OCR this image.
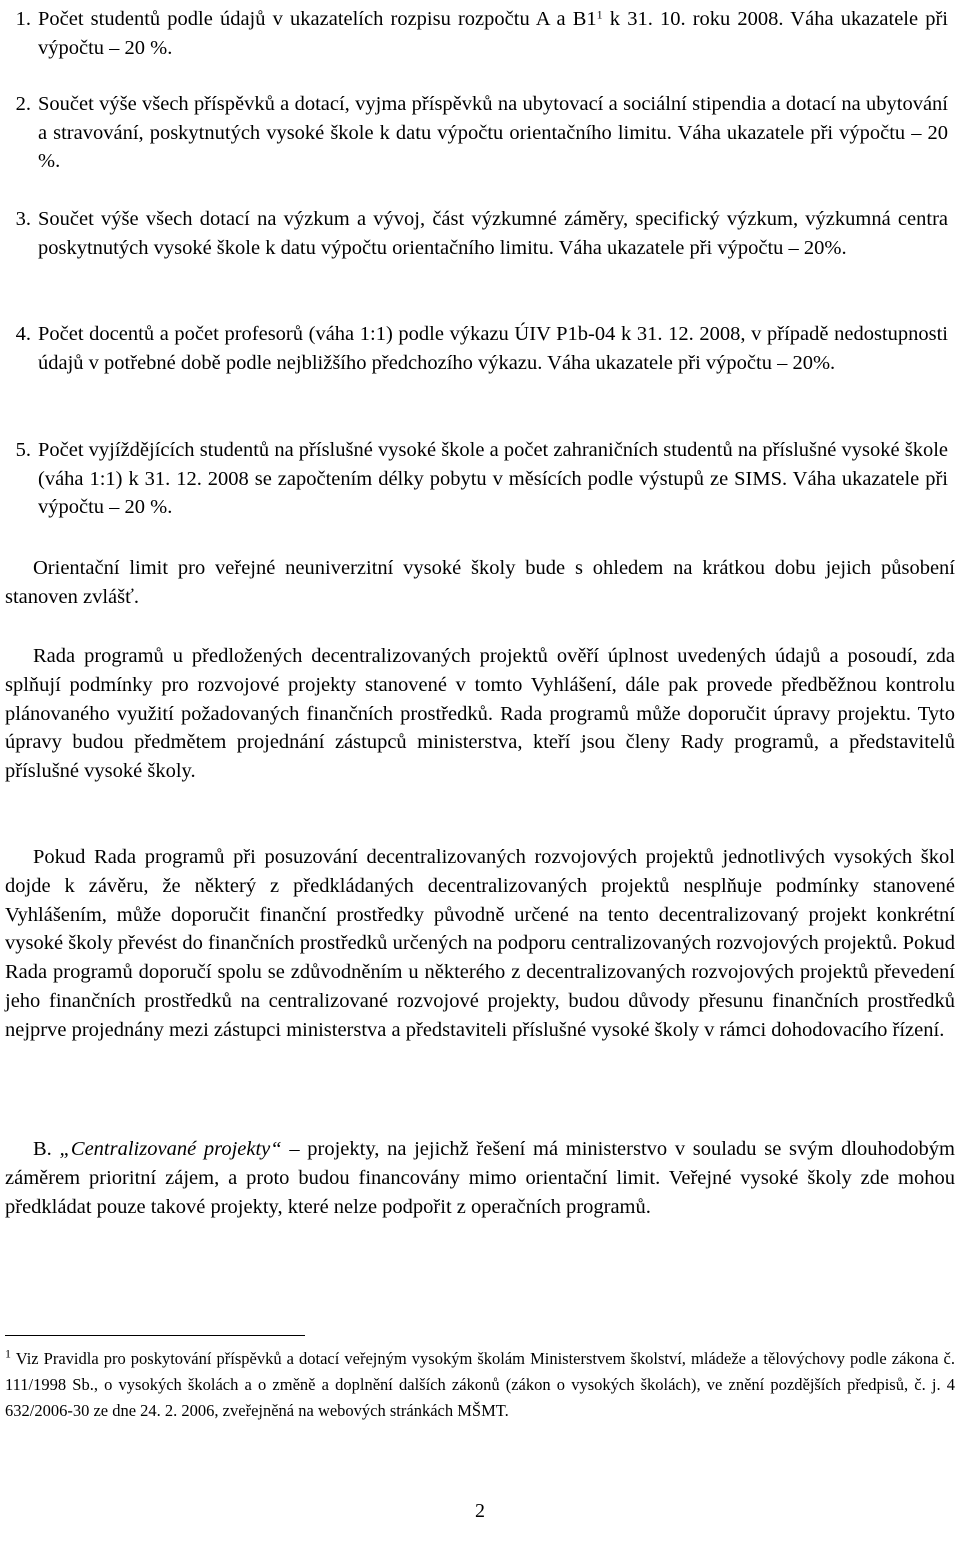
1. Počet studentů podle údajů v ukazatelích rozpisu rozpočtu A a $B1^1$ k 31. 10. roku 2008. Váha ukazatele při výpočtu – 20 %.
2. Součet výše všech příspěvků a dotací, vyjma příspěvků na ubytovací a sociální stipendia a dotací na ubytování a stravování, poskytnutých vysoké škole k datu výpočtu orientačního limitu. Váha ukazatele při výpočtu – 20 %.
3. Součet výše všech dotací na výzkum a vývoj, část výzkumné záměry, specifický výzkum, výzkumná centra poskytnutých vysoké škole k datu výpočtu orientačního limitu. Váha ukazatele při výpočtu – 20%.
4. Počet docentů a počet profesorů (váha 1:1) podle výkazu ÚIV P1b-04 k 31. 12. 2008, v případě nedostupnosti údajů v potřebné době podle nejbližšího předchozího výkazu. Váha ukazatele při výpočtu – 20%.
5. Počet vyjíždějících studentů na příslušné vysoké škole a počet zahraničních studentů na příslušné vysoké škole (váha 1:1) k 31. 12. 2008 se započtením délky pobytu v měsících podle výstupů ze SIMS. Váha ukazatele při výpočtu – 20 %.

Orientační limit pro veřejné neuniverzitní vysoké školy bude s ohledem na krátkou dobu jejich působení stanoven zvlášť.

Rada programů u předložených decentralizovaných projektů ověří úplnost uvedených údajů a posoudí, zda splňují podmínky pro rozvojové projekty stanovené v tomto Vyhlášení, dále pak provede předběžnou kontrolu plánovaného využití požadovaných finančních prostředků. Rada programů může doporučit úpravy projektu. Tyto úpravy budou předmětem projednání zástupců ministerstva, kteří jsou členy Rady programů, a představitelů příslušné vysoké školy.

Pokud Rada programů při posuzování decentralizovaných rozvojových projektů jednotlivých vysokých škol dojde k závěru, že některý z předkládaných decentralizovaných projektů nesplňuje podmínky stanovené Vyhlášením, může doporučit finanční prostředky původně určené na tento decentralizovaný projekt konkrétní vysoké školy převést do finančních prostředků určených na podporu centralizovaných rozvojových projektů. Pokud Rada programů doporučí spolu se zdůvodněním u některého z decentralizovaných rozvojových projektů převedení jeho finančních prostředků na centralizované rozvojové projekty, budou důvody přesunu finančních prostředků nejprve projednány mezi zástupci ministerstva a představiteli příslušné vysoké školy v rámci dohodovacího řízení.

B. „Centralizované projekty“ – projekty, na jejichž řešení má ministerstvo v souladu se svým dlouhodobým záměrem prioritní zájem, a proto budou financovány mimo orientační limit. Veřejné vysoké školy zde mohou předkládat pouze takové projekty, které nelze podpořit z operačních programů.

$^1$ Viz Pravidla pro poskytování příspěvků a dotací veřejným vysokým školám Ministerstvem školství, mládeže a tělovýchovy podle zákona č. 111/1998 Sb., o vysokých školách a o změně a doplnění dalších zákonů (zákon o vysokých školách), ve znění pozdějších předpisů, č. j. 4 632/2006-30 ze dne 24. 2. 2006, zveřejněná na webových stránkách MŠMT.

2
